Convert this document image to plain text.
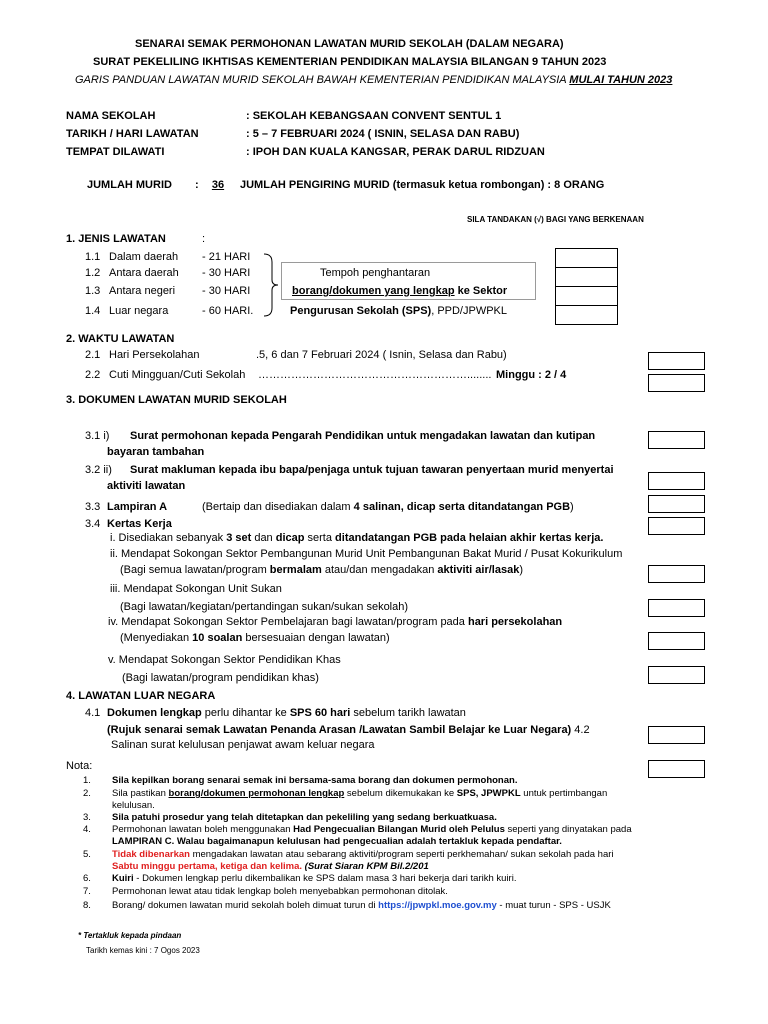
SENARAI SEMAK PERMOHONAN LAWATAN MURID SEKOLAH (DALAM NEGARA)
SURAT PEKELILING IKHTISAS KEMENTERIAN PENDIDIKAN MALAYSIA BILANGAN 9 TAHUN 2023
GARIS PANDUAN LAWATAN MURID SEKOLAH BAWAH KEMENTERIAN PENDIDIKAN MALAYSIA MULAI TAHUN 2023
NAMA SEKOLAH	: SEKOLAH KEBANGSAAN CONVENT SENTUL 1
TARIKH / HARI LAWATAN	: 5 – 7 FEBRUARI 2024 ( ISNIN, SELASA DAN RABU)
TEMPAT DILAWATI	: IPOH DAN KUALA KANGSAR, PERAK DARUL RIDZUAN
JUMLAH MURID :	36	JUMLAH PENGIRING MURID (termasuk ketua rombongan) : 8 ORANG
SILA TANDAKAN (√) BAGI YANG BERKENAAN
1. JENIS LAWATAN	:
1.1 Dalam daerah - 21 HARI
1.2 Antara daerah - 30 HARI
1.3 Antara negeri - 30 HARI
1.4 Luar negara	- 60 HARI.
Tempoh penghantaran
borang/dokumen yang lengkap ke Sektor
Pengurusan Sekolah (SPS), PPD/JPWPKL
2. WAKTU LAWATAN
2.1 Hari Persekolahan	.5, 6 dan 7 Februari 2024 ( Isnin, Selasa dan Rabu)
2.2 Cuti Mingguan/Cuti Sekolah …………………………………………………........ Minggu : 2 / 4
3. DOKUMEN LAWATAN MURID SEKOLAH
3.1 i) Surat permohonan kepada Pengarah Pendidikan untuk mengadakan lawatan dan kutipan
bayaran tambahan
3.2 ii) Surat makluman kepada ibu bapa/penjaga untuk tujuan tawaran penyertaan murid menyertai
aktiviti lawatan
3.3 Lampiran A	(Bertaip dan disediakan dalam 4 salinan, dicap serta ditandatangan PGB)
3.4 Kertas Kerja
i. Disediakan sebanyak 3 set dan dicap serta ditandatangan PGB pada helaian akhir kertas kerja.
ii. Mendapat Sokongan Sektor Pembangunan Murid Unit Pembangunan Bakat Murid / Pusat Kokurikulum
(Bagi semua lawatan/program bermalam atau/dan mengadakan aktiviti air/lasak)
iii. Mendapat Sokongan Unit Sukan
(Bagi lawatan/kegiatan/pertandingan sukan/sukan sekolah)
iv. Mendapat Sokongan Sektor Pembelajaran bagi lawatan/program pada hari persekolahan
(Menyediakan 10 soalan bersesuaian dengan lawatan)
v. Mendapat Sokongan Sektor Pendidikan Khas
(Bagi lawatan/program pendidikan khas)
4. LAWATAN LUAR NEGARA
4.1 Dokumen lengkap perlu dihantar ke SPS 60 hari sebelum tarikh lawatan
(Rujuk senarai semak Lawatan Penanda Arasan /Lawatan Sambil Belajar ke Luar Negara) 4.2
Salinan surat kelulusan penjawat awam keluar negara
Nota:
1. Sila kepilkan borang senarai semak ini bersama-sama borang dan dokumen permohonan.
2. Sila pastikan borang/dokumen permohonan lengkap sebelum dikemukakan ke SPS, JPWPKL untuk pertimbangan kelulusan.
3. Sila patuhi prosedur yang telah ditetapkan dan pekeliling yang sedang berkuatkuasa.
4. Permohonan lawatan boleh menggunakan Had Pengecualian Bilangan Murid oleh Pelulus seperti yang dinyatakan pada LAMPIRAN C. Walau bagaimanapun kelulusan had pengecualian adalah tertakluk kepada pendaftar.
5. Tidak dibenarkan mengadakan lawatan atau sebarang aktiviti/program seperti perkhemahan/ sukan sekolah pada hari Sabtu minggu pertama, ketiga dan kelima. (Surat Siaran KPM Bil.2/201
6. Kuiri - Dokumen lengkap perlu dikembalikan ke SPS dalam masa 3 hari bekerja dari tarikh kuiri.
7. Permohonan lewat atau tidak lengkap boleh menyebabkan permohonan ditolak.
8. Borang/ dokumen lawatan murid sekolah boleh dimuat turun di https://jpwpkl.moe.gov.my - muat turun - SPS - USJK
* Tertakluk kepada pindaan
Tarikh kemas kini : 7 Ogos 2023
